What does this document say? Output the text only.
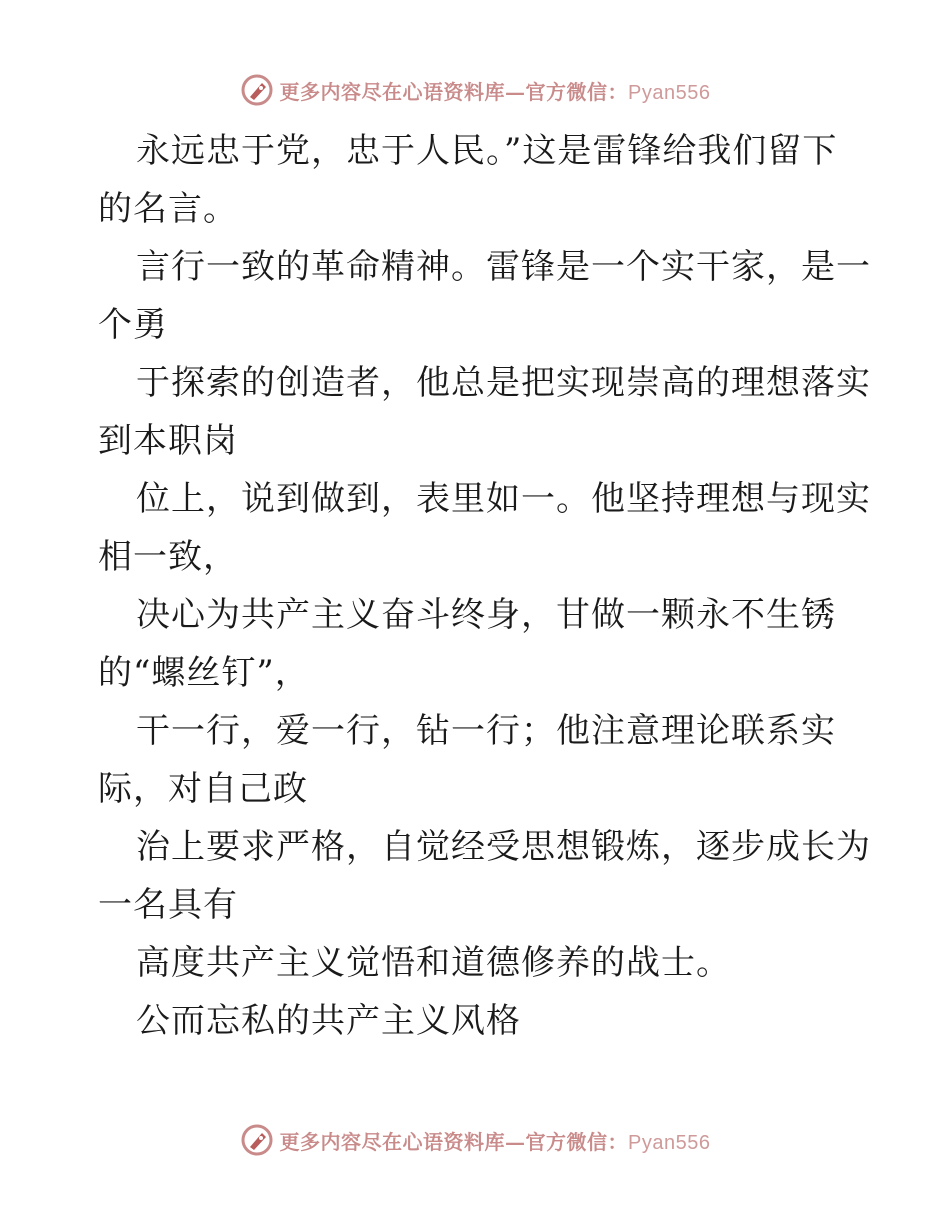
更多内容尽在心语资料库—官方微信：Pyan556
永远忠于党，忠于人民。”这是雷锋给我们留下
的名言。
言行一致的革命精神。雷锋是一个实干家，是一
个勇
于探索的创造者，他总是把实现崇高的理想落实
到本职岗
位上，说到做到，表里如一。他坚持理想与现实
相一致，
决心为共产主义奋斗终身，甘做一颗永不生锈
的“螺丝钉”，
干一行，爱一行，钻一行；他注意理论联系实
际，对自己政
治上要求严格，自觉经受思想锻炼，逐步成长为
一名具有
高度共产主义觉悟和道德修养的战士。
公而忘私的共产主义风格
更多内容尽在心语资料库—官方微信：Pyan556
